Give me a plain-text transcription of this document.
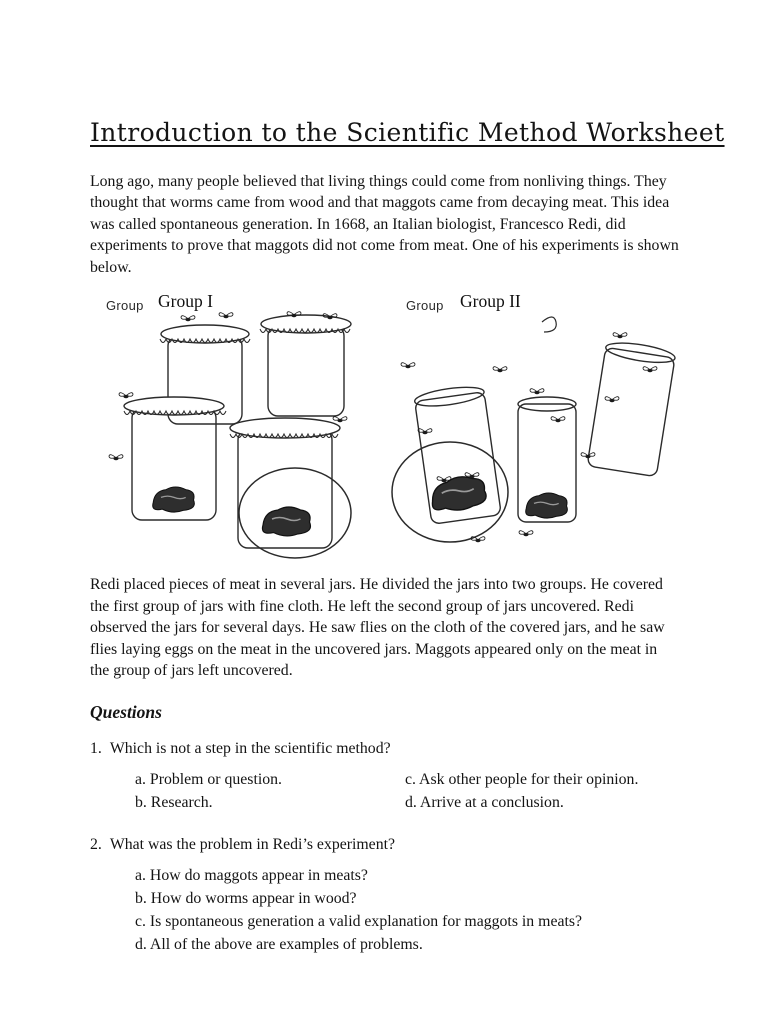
Introduction to the Scientific Method Worksheet
Long ago, many people believed that living things could come from nonliving things. They thought that worms came from wood and that maggots came from decaying meat. This idea was called spontaneous generation. In 1668, an Italian biologist, Francesco Redi, did experiments to prove that maggots did not come from meat. One of his experiments is shown below.
Group Group I	Group Group II
Redi placed pieces of meat in several jars. He divided the jars into two groups. He covered the first group of jars with fine cloth. He left the second group of jars uncovered. Redi observed the jars for several days. He saw flies on the cloth of the covered jars, and he saw flies laying eggs on the meat in the uncovered jars. Maggots appeared only on the meat in the group of jars left uncovered.
Questions
1. Which is not a step in the scientific method?
a. Problem or question.
b. Research.
c. Ask other people for their opinion.
d. Arrive at a conclusion.
2. What was the problem in Redi’s experiment?
a. How do maggots appear in meats?
b. How do worms appear in wood?
c. Is spontaneous generation a valid explanation for maggots in meats?
d. All of the above are examples of problems.
